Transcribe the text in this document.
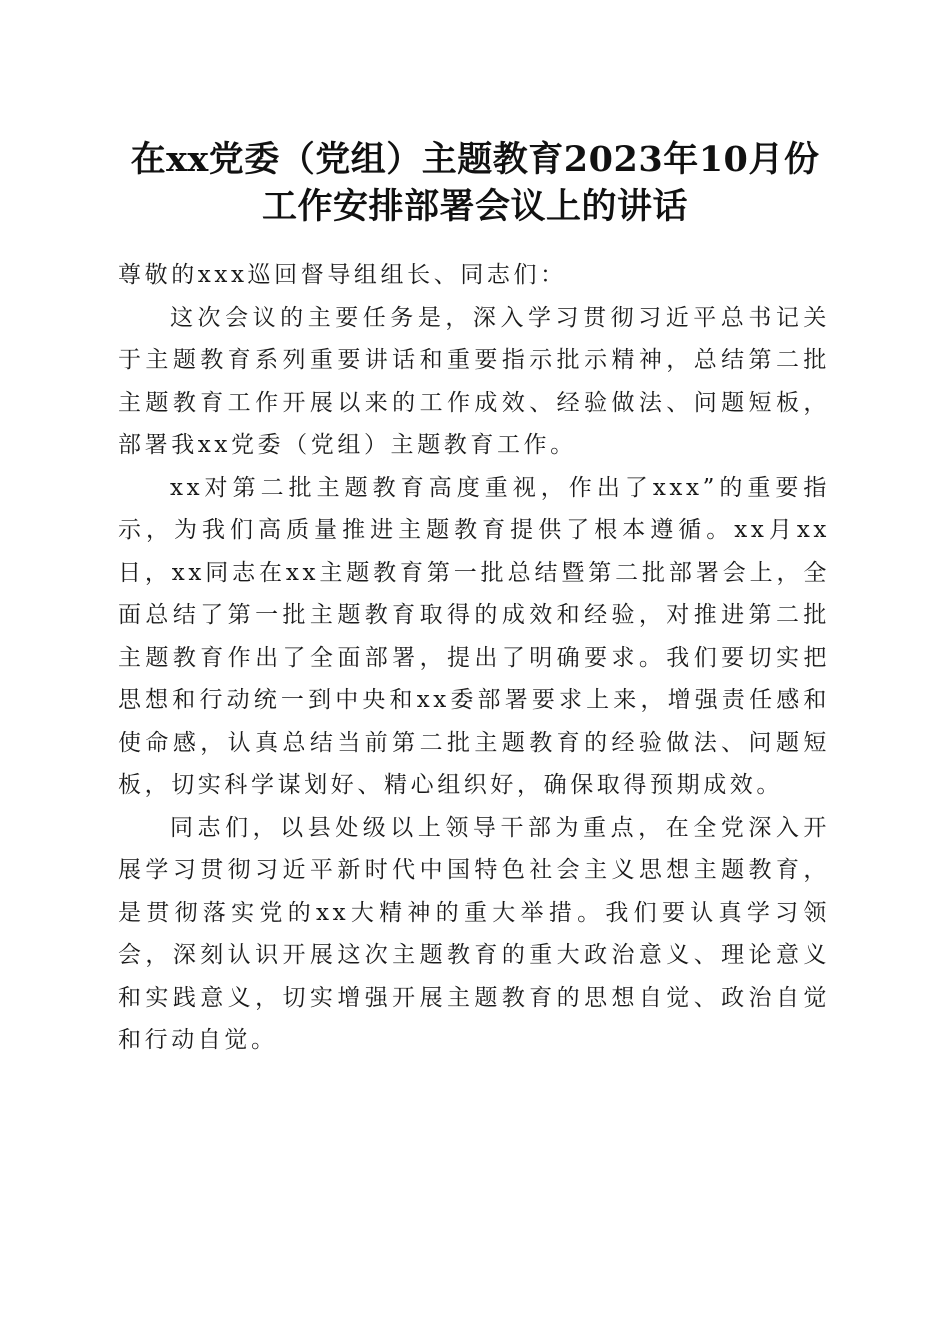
在xx党委（党组）主题教育2023年10月份
工作安排部署会议上的讲话

尊敬的xxx巡回督导组组长、同志们：

这次会议的主要任务是，深入学习贯彻习近平总书记关于主题教育系列重要讲话和重要指示批示精神，总结第二批主题教育工作开展以来的工作成效、经验做法、问题短板，部署我xx党委（党组）主题教育工作。

xx对第二批主题教育高度重视，作出了xxx”的重要指示，为我们高质量推进主题教育提供了根本遵循。xx月xx日，xx同志在xx主题教育第一批总结暨第二批部署会上，全面总结了第一批主题教育取得的成效和经验，对推进第二批主题教育作出了全面部署，提出了明确要求。我们要切实把思想和行动统一到中央和xx委部署要求上来，增强责任感和使命感，认真总结当前第二批主题教育的经验做法、问题短板，切实科学谋划好、精心组织好，确保取得预期成效。

同志们，以县处级以上领导干部为重点，在全党深入开展学习贯彻习近平新时代中国特色社会主义思想主题教育，是贯彻落实党的xx大精神的重大举措。我们要认真学习领会，深刻认识开展这次主题教育的重大政治意义、理论意义和实践意义，切实增强开展主题教育的思想自觉、政治自觉和行动自觉。
